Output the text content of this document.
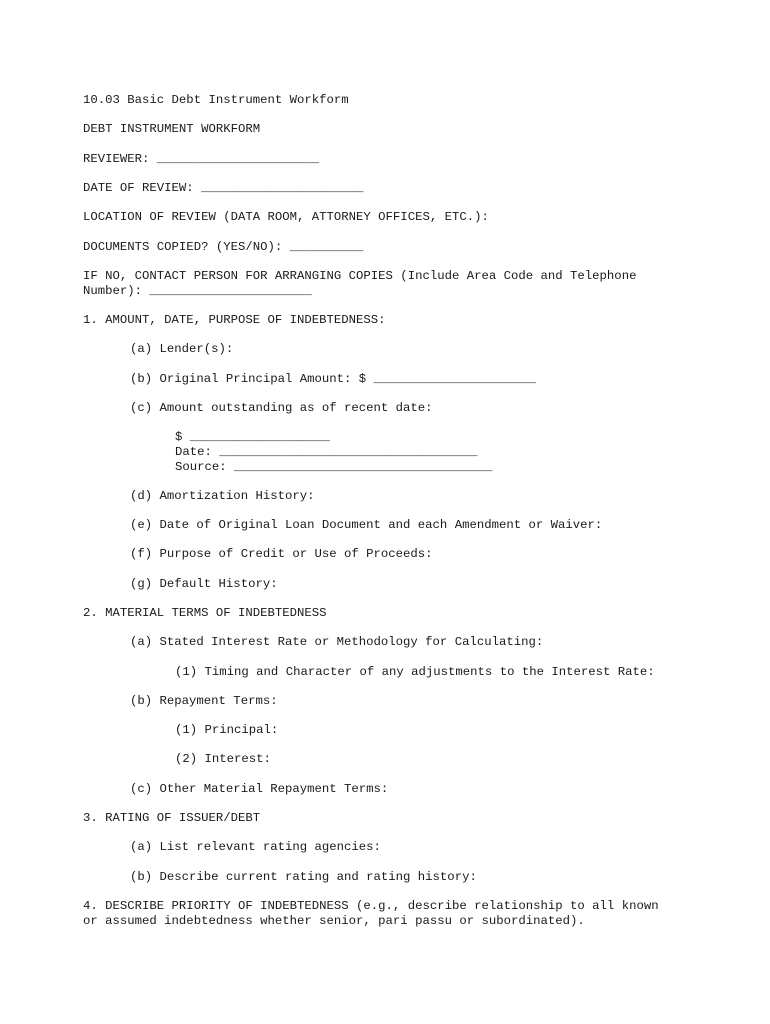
10.03 Basic Debt Instrument Workform

DEBT INSTRUMENT WORKFORM

REVIEWER: ______________________

DATE OF REVIEW: ______________________

LOCATION OF REVIEW (DATA ROOM, ATTORNEY OFFICES, ETC.):

DOCUMENTS COPIED? (YES/NO): __________

IF NO, CONTACT PERSON FOR ARRANGING COPIES (Include Area Code and Telephone

Number): ______________________

1. AMOUNT, DATE, PURPOSE OF INDEBTEDNESS:

(a) Lender(s):

(b) Original Principal Amount: $ ______________________

(c) Amount outstanding as of recent date:

$ ___________________

Date: ___________________________________

Source: ___________________________________

(d) Amortization History:

(e) Date of Original Loan Document and each Amendment or Waiver:

(f) Purpose of Credit or Use of Proceeds:

(g) Default History:

2. MATERIAL TERMS OF INDEBTEDNESS

(a) Stated Interest Rate or Methodology for Calculating:

(1) Timing and Character of any adjustments to the Interest Rate:

(b) Repayment Terms:

(1) Principal:

(2) Interest:

(c) Other Material Repayment Terms:

3. RATING OF ISSUER/DEBT

(a) List relevant rating agencies:

(b) Describe current rating and rating history:

4. DESCRIBE PRIORITY OF INDEBTEDNESS (e.g., describe relationship to all known

or assumed indebtedness whether senior, pari passu or subordinated).
